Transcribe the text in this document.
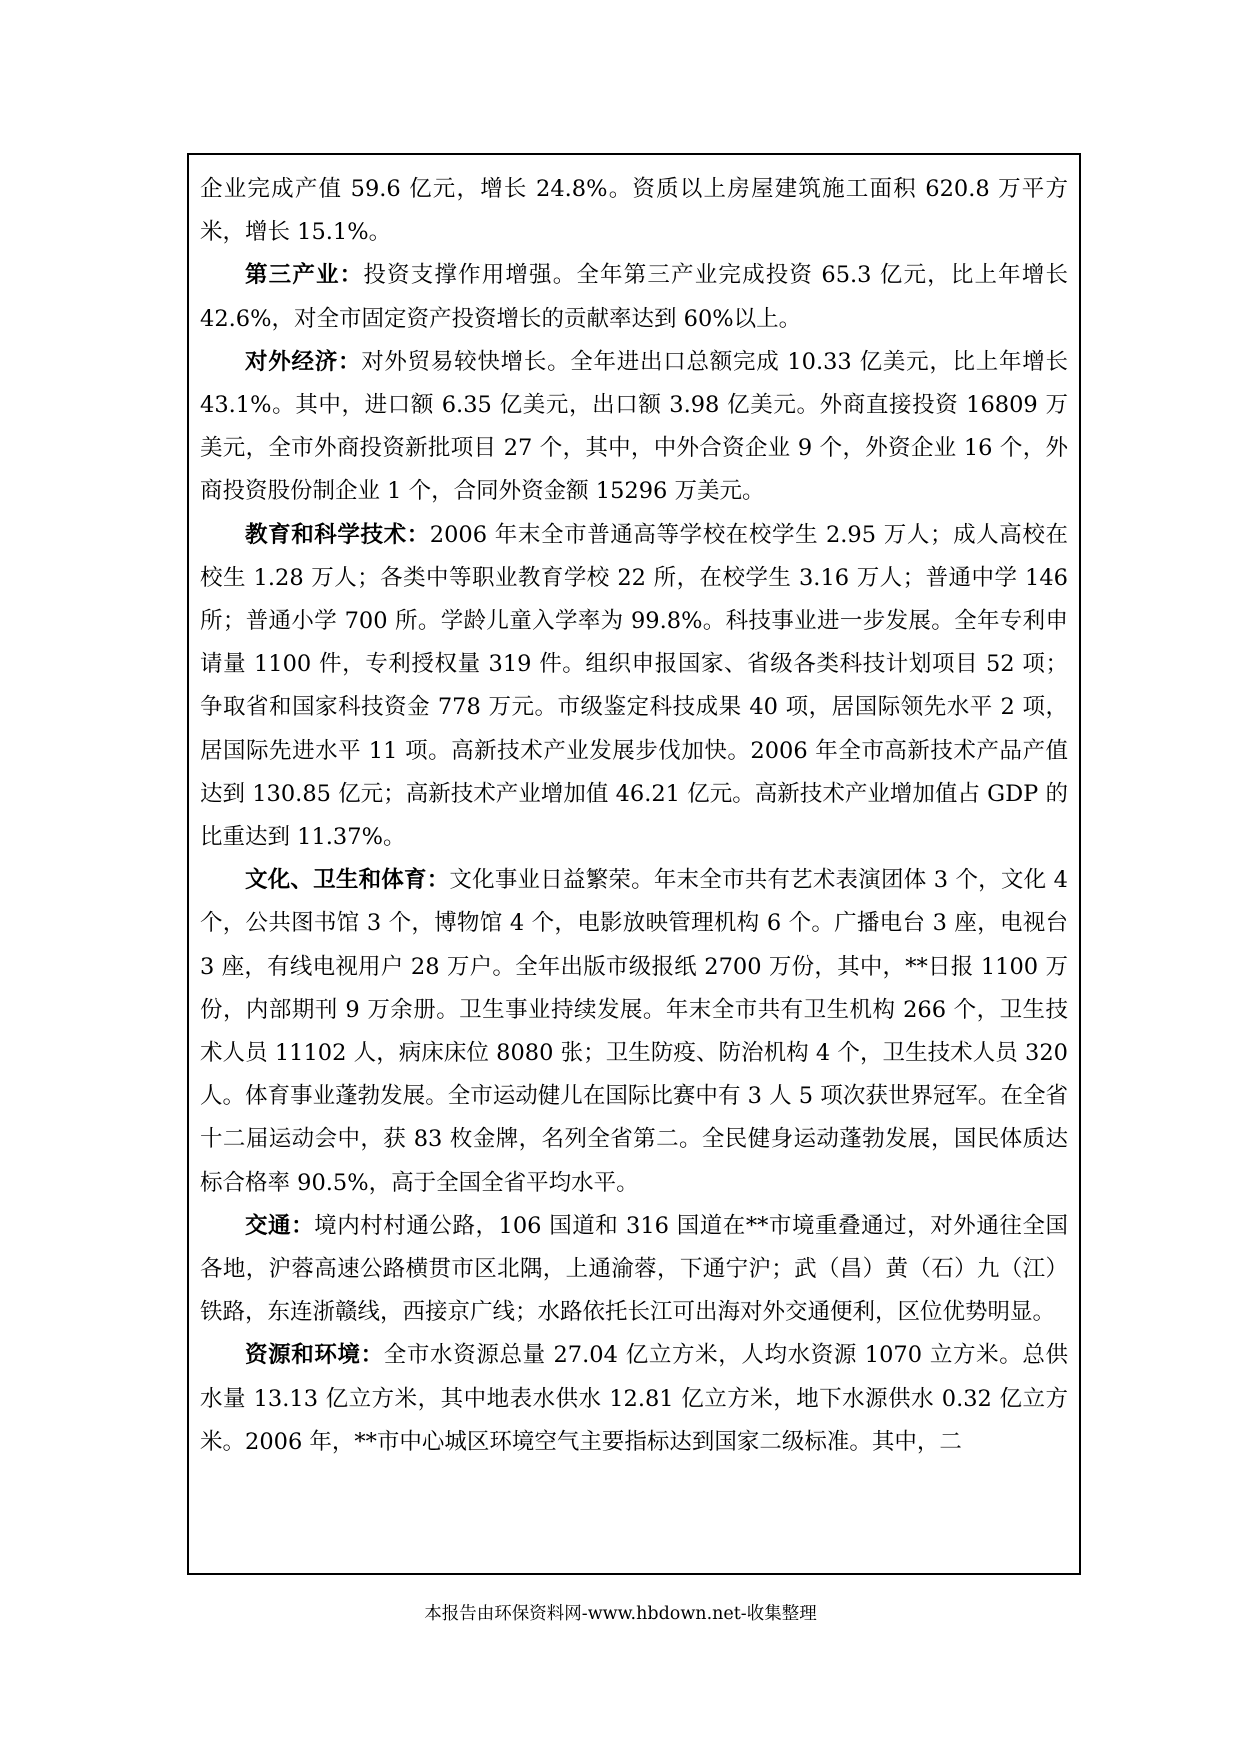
企业完成产值 59.6 亿元，增长 24.8%。资质以上房屋建筑施工面积 620.8 万平方米，增长 15.1%。

第三产业：投资支撑作用增强。全年第三产业完成投资 65.3 亿元，比上年增长 42.6%，对全市固定资产投资增长的贡献率达到 60%以上。

对外经济：对外贸易较快增长。全年进出口总额完成 10.33 亿美元，比上年增长 43.1%。其中，进口额 6.35 亿美元，出口额 3.98 亿美元。外商直接投资 16809 万美元，全市外商投资新批项目 27 个，其中，中外合资企业 9 个，外资企业 16 个，外商投资股份制企业 1 个，合同外资金额 15296 万美元。

教育和科学技术：2006 年末全市普通高等学校在校学生 2.95 万人；成人高校在校生 1.28 万人；各类中等职业教育学校 22 所，在校学生 3.16 万人；普通中学 146 所；普通小学 700 所。学龄儿童入学率为 99.8%。科技事业进一步发展。全年专利申请量 1100 件，专利授权量 319 件。组织申报国家、省级各类科技计划项目 52 项；争取省和国家科技资金 778 万元。市级鉴定科技成果 40 项，居国际领先水平 2 项，居国际先进水平 11 项。高新技术产业发展步伐加快。2006 年全市高新技术产品产值达到 130.85 亿元；高新技术产业增加值 46.21 亿元。高新技术产业增加值占 GDP 的比重达到 11.37%。

文化、卫生和体育：文化事业日益繁荣。年末全市共有艺术表演团体 3 个，文化 4 个，公共图书馆 3 个，博物馆 4 个，电影放映管理机构 6 个。广播电台 3 座，电视台 3 座，有线电视用户 28 万户。全年出版市级报纸 2700 万份，其中，**日报 1100 万份，内部期刊 9 万余册。卫生事业持续发展。年末全市共有卫生机构 266 个，卫生技术人员 11102 人，病床床位 8080 张；卫生防疫、防治机构 4 个，卫生技术人员 320 人。体育事业蓬勃发展。全市运动健儿在国际比赛中有 3 人 5 项次获世界冠军。在全省十二届运动会中，获 83 枚金牌，名列全省第二。全民健身运动蓬勃发展，国民体质达标合格率 90.5%，高于全国全省平均水平。

交通：境内村村通公路，106 国道和 316 国道在**市境重叠通过，对外通往全国各地，沪蓉高速公路横贯市区北隅，上通渝蓉，下通宁沪；武（昌）黄（石）九（江）铁路，东连浙赣线，西接京广线；水路依托长江可出海对外交通便利，区位优势明显。

资源和环境：全市水资源总量 27.04 亿立方米，人均水资源 1070 立方米。总供水量 13.13 亿立方米，其中地表水供水 12.81 亿立方米，地下水源供水 0.32 亿立方米。2006 年，**市中心城区环境空气主要指标达到国家二级标准。其中，二

本报告由环保资料网-www.hbdown.net-收集整理
